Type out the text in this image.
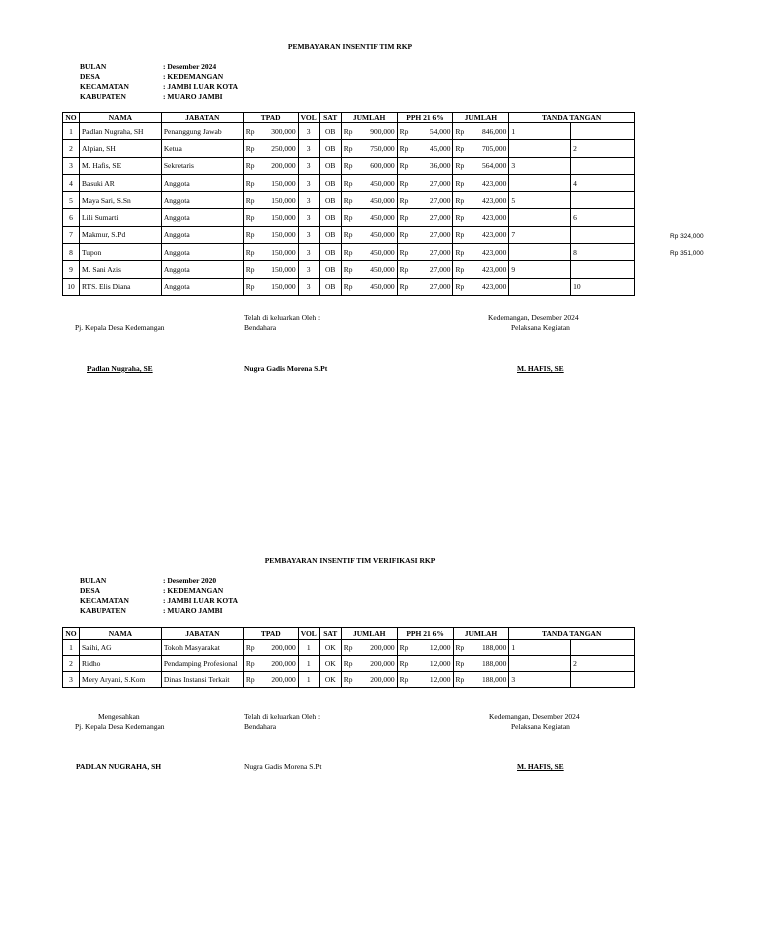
PEMBAYARAN INSENTIF TIM RKP
BULAN	: Desember 2024
DESA	: KEDEMANGAN
KECAMATAN	: JAMBI LUAR KOTA
KABUPATEN	: MUARO JAMBI
NO	NAMA	JABATAN	TPAD		VOL	SAT	JUMLAH		PPH 21 6%		JUMLAH		TANDA TANGAN	
1	Padlan Nugraha, SH	Penanggung Jawab	Rp	300,000	3	OB	Rp	900,000	Rp	54,000	Rp	846,000	1	
2	Alpian, SH	Ketua	Rp	250,000	3	OB	Rp	750,000	Rp	45,000	Rp	705,000		2
3	M. Hafis, SE	Sekretaris	Rp	200,000	3	OB	Rp	600,000	Rp	36,000	Rp	564,000	3	
4	Basuki AR	Anggota	Rp	150,000	3	OB	Rp	450,000	Rp	27,000	Rp	423,000		4
5	Maya Sari, S.Sn	Anggota	Rp	150,000	3	OB	Rp	450,000	Rp	27,000	Rp	423,000	5	
6	Lili Sumarti	Anggota	Rp	150,000	3	OB	Rp	450,000	Rp	27,000	Rp	423,000		6
7	Makmur, S.Pd	Anggota	Rp	150,000	3	OB	Rp	450,000	Rp	27,000	Rp	423,000	7	
8	Tupon	Anggota	Rp	150,000	3	OB	Rp	450,000	Rp	27,000	Rp	423,000		8
9	M. Sani Azis	Anggota	Rp	150,000	3	OB	Rp	450,000	Rp	27,000	Rp	423,000	9	
10	RTS. Elis Diana	Anggota	Rp	150,000	3	OB	Rp	450,000	Rp	27,000	Rp	423,000		10
Rp 324,000
Rp 351,000
Pj. Kepala Desa Kedemangan
Padlan Nugraha, SE
Telah di keluarkan Oleh :
Bendahara
Nugra Gadis Morena S.Pt
Kedemangan, Desember 2024
Pelaksana Kegiatan
M. HAFIS, SE
PEMBAYARAN INSENTIF TIM VERIFIKASI RKP
BULAN	: Desember 2020
DESA	: KEDEMANGAN
KECAMATAN	: JAMBI LUAR KOTA
KABUPATEN	: MUARO JAMBI
NO	NAMA	JABATAN	TPAD		VOL	SAT	JUMLAH		PPH 21 6%		JUMLAH		TANDA TANGAN	
1	Saihi, AG	Tokoh Masyarakat	Rp	200,000	1	OK	Rp	200,000	Rp	12,000	Rp	188,000	1	
2	Ridho	Pendamping Profesional	Rp	200,000	1	OK	Rp	200,000	Rp	12,000	Rp	188,000		2
3	Mery Aryani, S.Kom	Dinas Instansi Terkait	Rp	200,000	1	OK	Rp	200,000	Rp	12,000	Rp	188,000	3	
Mengesahkan
Pj. Kepala Desa Kedemangan
PADLAN NUGRAHA, SH
Telah di keluarkan Oleh :
Bendahara
Nugra Gadis Morena S.Pt
Kedemangan, Desember 2024
Pelaksana Kegiatan
M. HAFIS, SE
